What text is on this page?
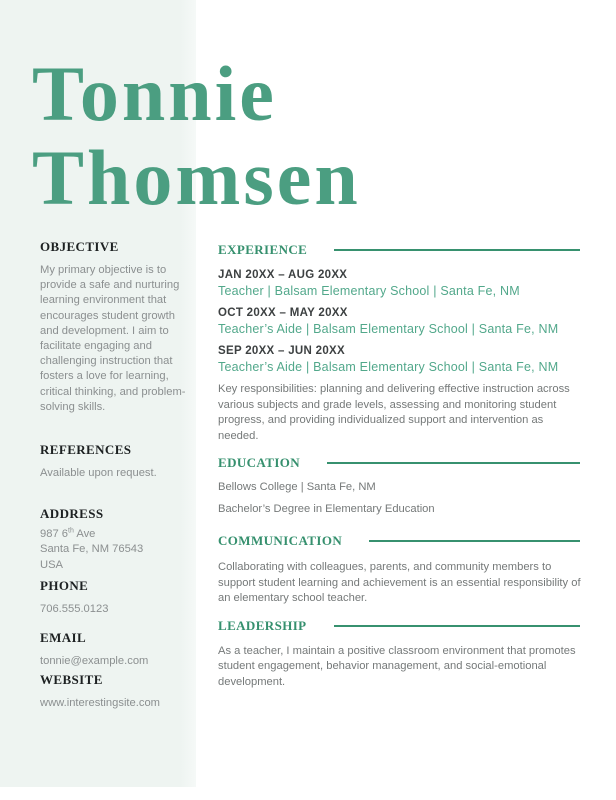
Tonnie
Thomsen
OBJECTIVE

My primary objective is to provide a safe and nurturing learning environment that encourages student growth and development. I aim to facilitate engaging and challenging instruction that fosters a love for learning, critical thinking, and problem-solving skills.

REFERENCES

Available upon request.

ADDRESS

987 6th Ave
Santa Fe, NM 76543
USA

PHONE

706.555.0123

EMAIL

tonnie@example.com

WEBSITE

www.interestingsite.com

EXPERIENCE

JAN 20XX – AUG 20XX

Teacher | Balsam Elementary School | Santa Fe, NM

OCT 20XX – MAY 20XX

Teacher’s Aide | Balsam Elementary School | Santa Fe, NM

SEP 20XX – JUN 20XX

Teacher’s Aide | Balsam Elementary School | Santa Fe, NM

Key responsibilities: planning and delivering effective instruction across various subjects and grade levels, assessing and monitoring student progress, and providing individualized support and intervention as needed.

EDUCATION

Bellows College | Santa Fe, NM

Bachelor’s Degree in Elementary Education

COMMUNICATION

Collaborating with colleagues, parents, and community members to support student learning and achievement is an essential responsibility of an elementary school teacher.

LEADERSHIP

As a teacher, I maintain a positive classroom environment that promotes student engagement, behavior management, and social-emotional development.
